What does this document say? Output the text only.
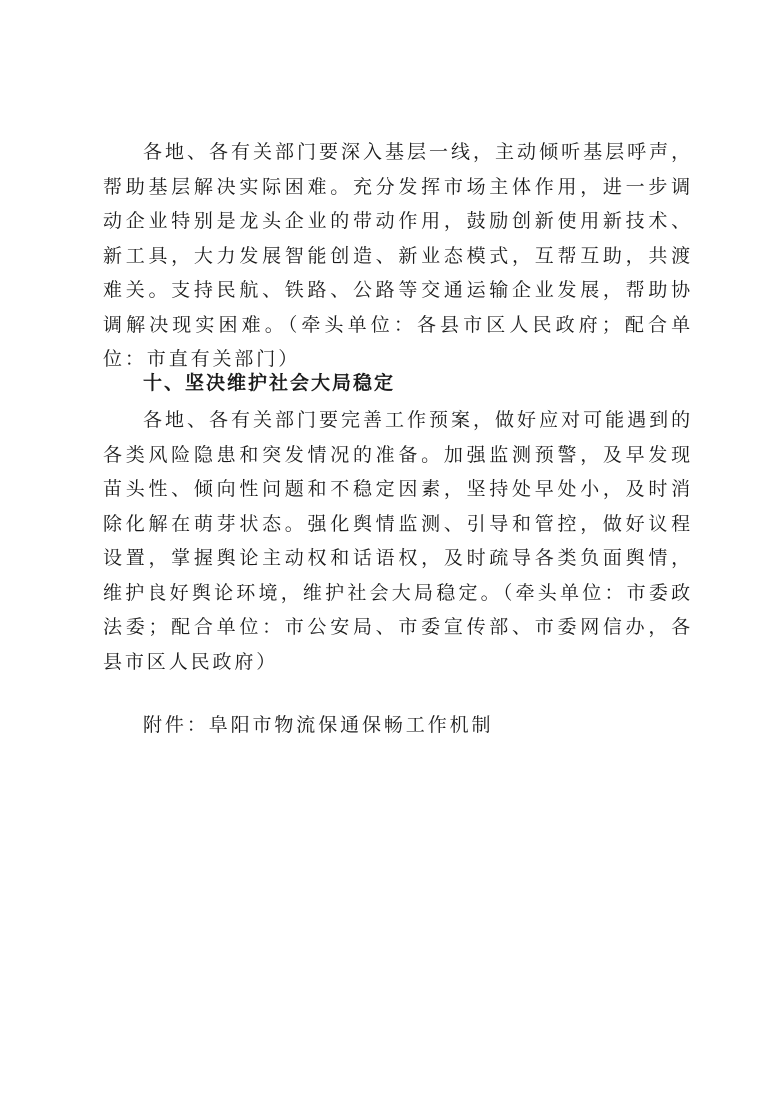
各地、各有关部门要深入基层一线，主动倾听基层呼声，帮助基层解决实际困难。充分发挥市场主体作用，进一步调动企业特别是龙头企业的带动作用，鼓励创新使用新技术、新工具，大力发展智能创造、新业态模式，互帮互助，共渡难关。支持民航、铁路、公路等交通运输企业发展，帮助协调解决现实困难。（牵头单位：各县市区人民政府；配合单位：市直有关部门）

十、坚决维护社会大局稳定

各地、各有关部门要完善工作预案，做好应对可能遇到的各类风险隐患和突发情况的准备。加强监测预警，及早发现苗头性、倾向性问题和不稳定因素，坚持处早处小，及时消除化解在萌芽状态。强化舆情监测、引导和管控，做好议程设置，掌握舆论主动权和话语权，及时疏导各类负面舆情，维护良好舆论环境，维护社会大局稳定。（牵头单位：市委政法委；配合单位：市公安局、市委宣传部、市委网信办，各县市区人民政府）

附件：阜阳市物流保通保畅工作机制
